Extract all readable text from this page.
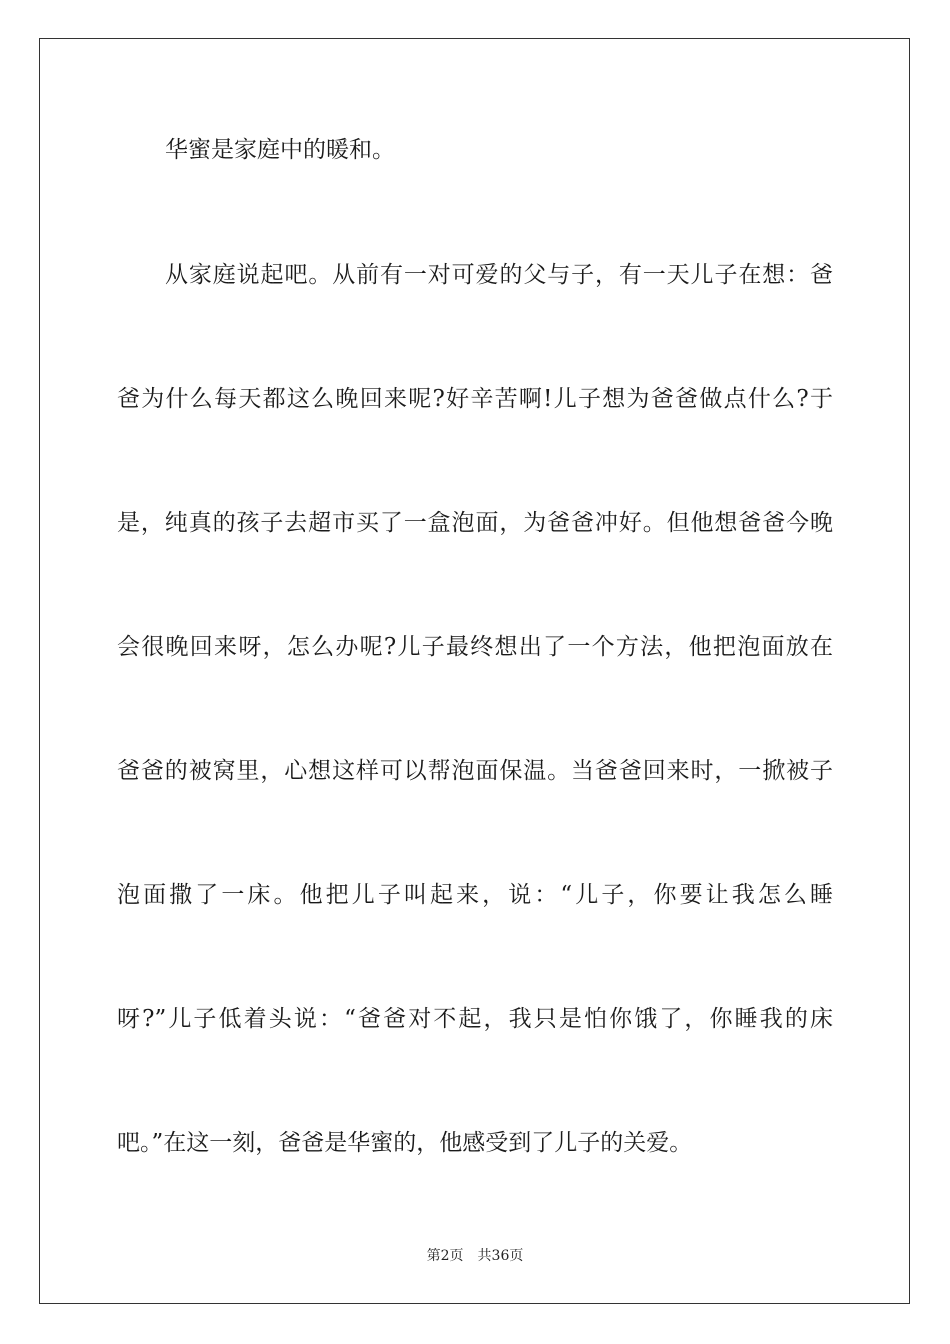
华蜜是家庭中的暖和。
从家庭说起吧。从前有一对可爱的父与子，有一天儿子在想：爸
爸为什么每天都这么晚回来呢?好辛苦啊!儿子想为爸爸做点什么?于
是，纯真的孩子去超市买了一盒泡面，为爸爸冲好。但他想爸爸今晚
会很晚回来呀，怎么办呢?儿子最终想出了一个方法，他把泡面放在
爸爸的被窝里，心想这样可以帮泡面保温。当爸爸回来时，一掀被子
泡面撒了一床。他把儿子叫起来，说：“儿子，你要让我怎么睡
呀?”儿子低着头说：“爸爸对不起，我只是怕你饿了，你睡我的床
吧。”在这一刻，爸爸是华蜜的，他感受到了儿子的关爱。
第2页 共36页
